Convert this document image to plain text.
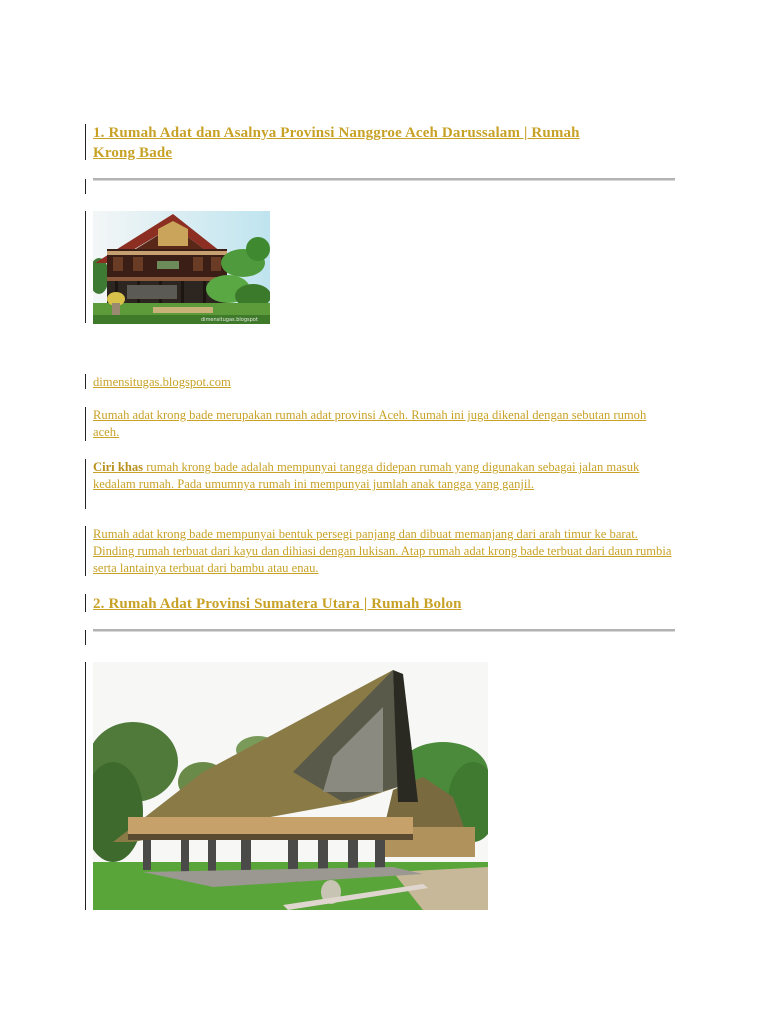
1. Rumah Adat dan Asalnya Provinsi Nanggroe Aceh Darussalam | Rumah
Krong Bade
dimensitugas.blogspot
dimensitugas.blogspot.com
Rumah adat krong bade merupakan rumah adat provinsi Aceh. Rumah ini juga dikenal dengan sebutan rumoh aceh.
Ciri khas rumah krong bade adalah mempunyai tangga didepan rumah yang digunakan sebagai jalan masuk kedalam rumah. Pada umumnya rumah ini mempunyai jumlah anak tangga yang ganjil.
Rumah adat krong bade mempunyai bentuk persegi panjang dan dibuat memanjang dari arah timur ke barat. Dinding rumah terbuat dari kayu dan dihiasi dengan lukisan. Atap rumah adat krong bade terbuat dari daun rumbia serta lantainya terbuat dari bambu atau enau.
2. Rumah Adat Provinsi Sumatera Utara | Rumah Bolon
